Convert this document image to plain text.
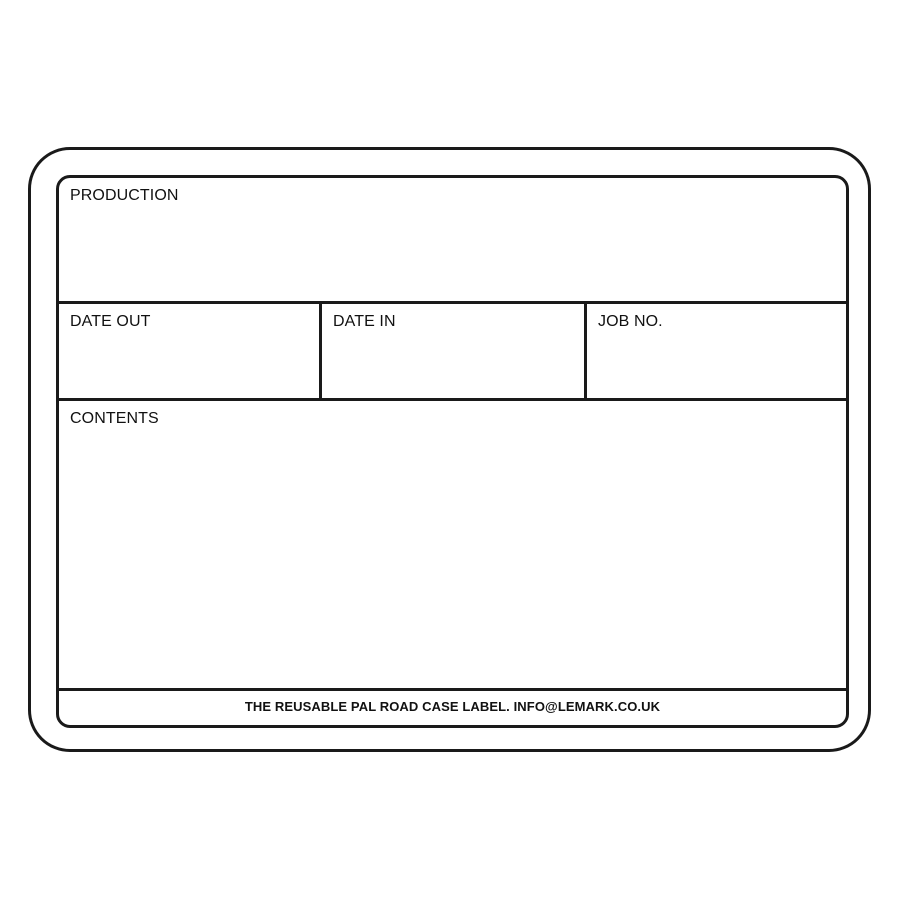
PRODUCTION
DATE OUT	DATE IN	JOB NO.
CONTENTS
THE REUSABLE PAL ROAD CASE LABEL. INFO@LEMARK.CO.UK
